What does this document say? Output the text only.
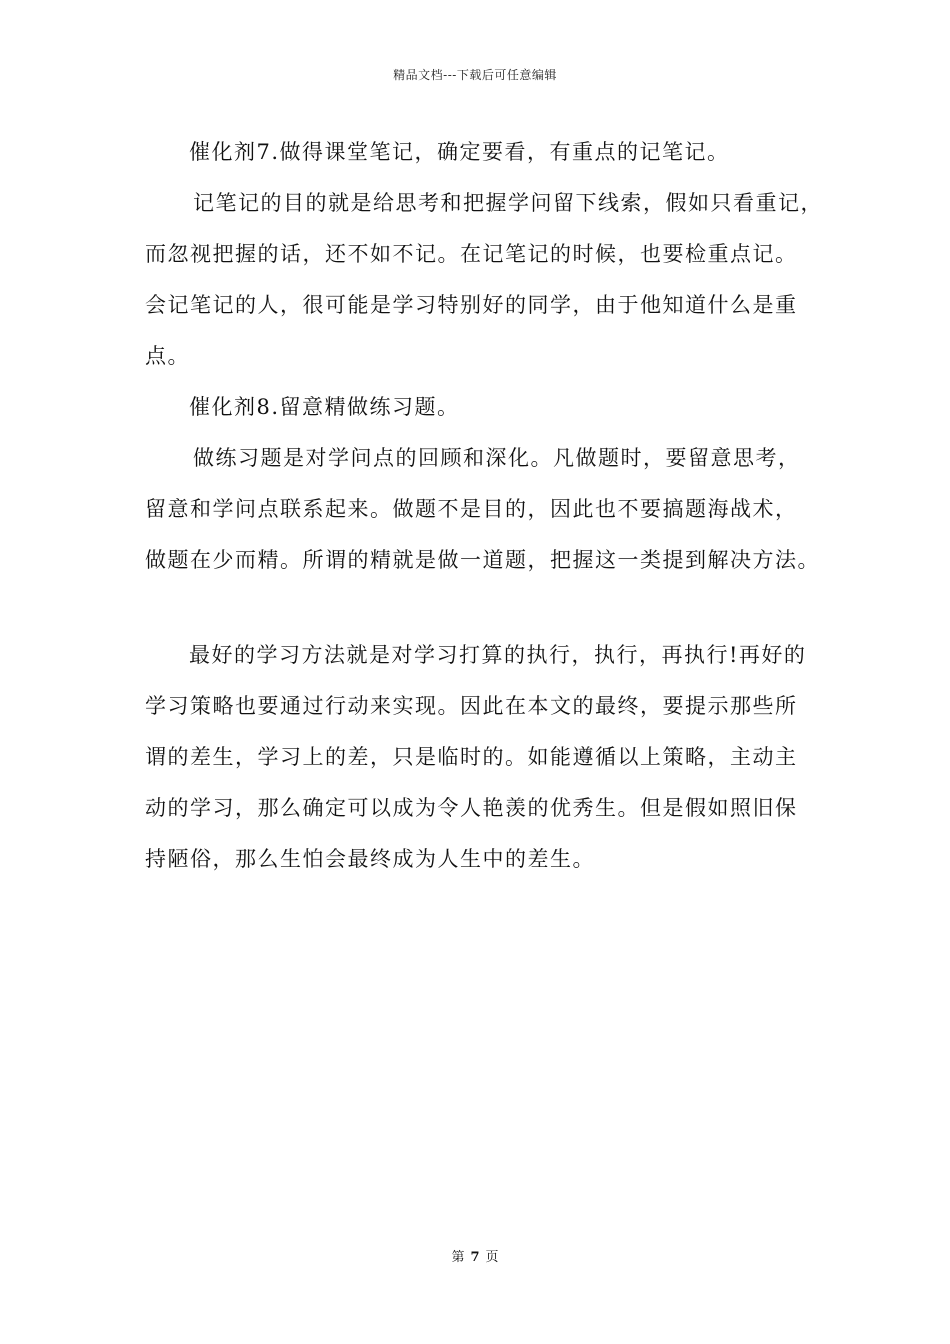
精品文档---下载后可任意编辑
催化剂7.做得课堂笔记，确定要看，有重点的记笔记。
记笔记的目的就是给思考和把握学问留下线索，假如只看重记，
而忽视把握的话，还不如不记。在记笔记的时候，也要检重点记。
会记笔记的人，很可能是学习特别好的同学，由于他知道什么是重
点。
催化剂8.留意精做练习题。
做练习题是对学问点的回顾和深化。凡做题时，要留意思考，
留意和学问点联系起来。做题不是目的，因此也不要搞题海战术，
做题在少而精。所谓的精就是做一道题，把握这一类提到解决方法。
最好的学习方法就是对学习打算的执行，执行，再执行!再好的
学习策略也要通过行动来实现。因此在本文的最终，要提示那些所
谓的差生，学习上的差，只是临时的。如能遵循以上策略，主动主
动的学习，那么确定可以成为令人艳羡的优秀生。但是假如照旧保
持陋俗，那么生怕会最终成为人生中的差生。
第 7 页
